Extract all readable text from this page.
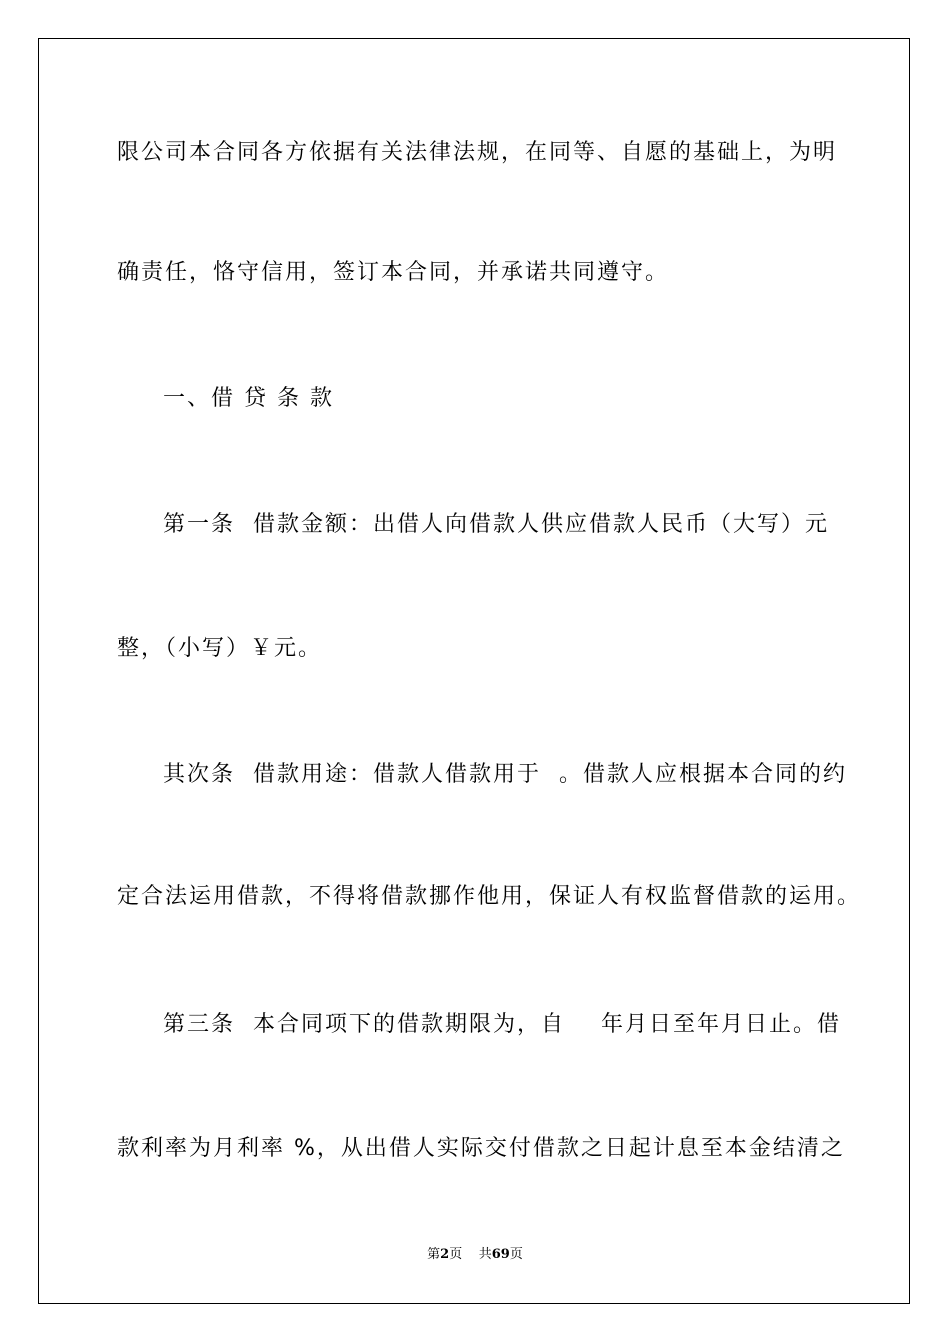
限公司本合同各方依据有关法律法规，在同等、自愿的基础上，为明
确责任，恪守信用，签订本合同，并承诺共同遵守。
一、借 贷 条 款
第一条  借款金额：出借人向借款人供应借款人民币（大写）元
整，（小写）￥元。
其次条  借款用途：借款人借款用于  。借款人应根据本合同的约
定合法运用借款，不得将借款挪作他用，保证人有权监督借款的运用。
第三条  本合同项下的借款期限为，自    年月日至年月日止。借
款利率为月利率 %，从出借人实际交付借款之日起计息至本金结清之
第2页    共69页
